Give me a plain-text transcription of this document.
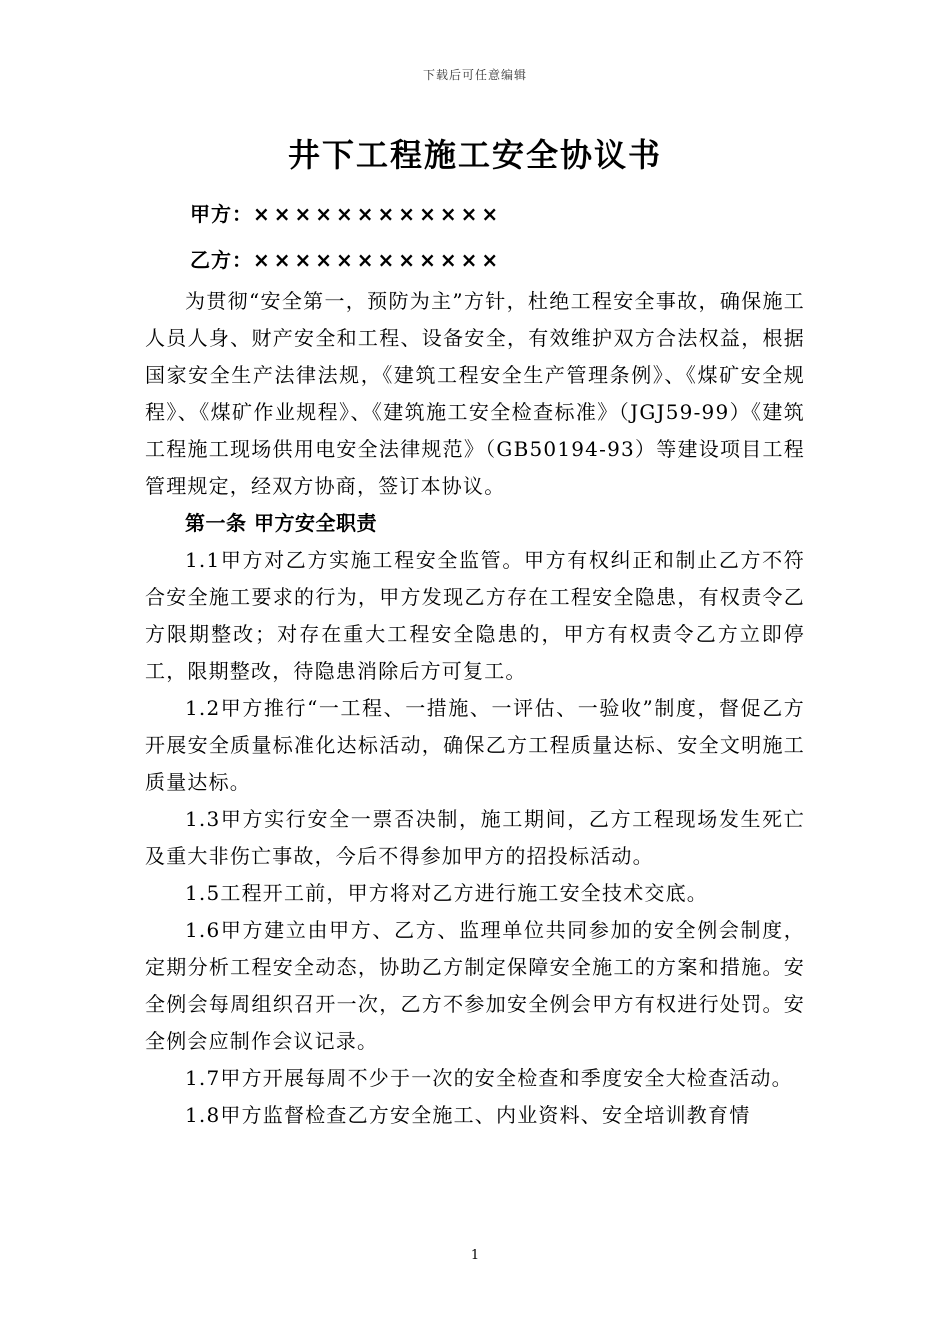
下载后可任意编辑
井下工程施工安全协议书
甲方：××××××××××××
乙方：××××××××××××

为贯彻“安全第一，预防为主”方针，杜绝工程安全事故，确保施工人员人身、财产安全和工程、设备安全，有效维护双方合法权益，根据国家安全生产法律法规，《建筑工程安全生产管理条例》、《煤矿安全规程》、《煤矿作业规程》、《建筑施工安全检查标准》（JGJ59-99）《建筑工程施工现场供用电安全法律规范》（GB50194-93）等建设项目工程管理规定，经双方协商，签订本协议。

第一条 甲方安全职责

1.1甲方对乙方实施工程安全监管。甲方有权纠正和制止乙方不符合安全施工要求的行为，甲方发现乙方存在工程安全隐患，有权责令乙方限期整改；对存在重大工程安全隐患的，甲方有权责令乙方立即停工，限期整改，待隐患消除后方可复工。

1.2甲方推行“一工程、一措施、一评估、一验收”制度，督促乙方开展安全质量标准化达标活动，确保乙方工程质量达标、安全文明施工质量达标。

1.3甲方实行安全一票否决制，施工期间，乙方工程现场发生死亡及重大非伤亡事故，今后不得参加甲方的招投标活动。

1.5工程开工前，甲方将对乙方进行施工安全技术交底。

1.6甲方建立由甲方、乙方、监理单位共同参加的安全例会制度，定期分析工程安全动态，协助乙方制定保障安全施工的方案和措施。安全例会每周组织召开一次，乙方不参加安全例会甲方有权进行处罚。安全例会应制作会议记录。

1.7甲方开展每周不少于一次的安全检查和季度安全大检查活动。

1.8甲方监督检查乙方安全施工、内业资料、安全培训教育情

1
